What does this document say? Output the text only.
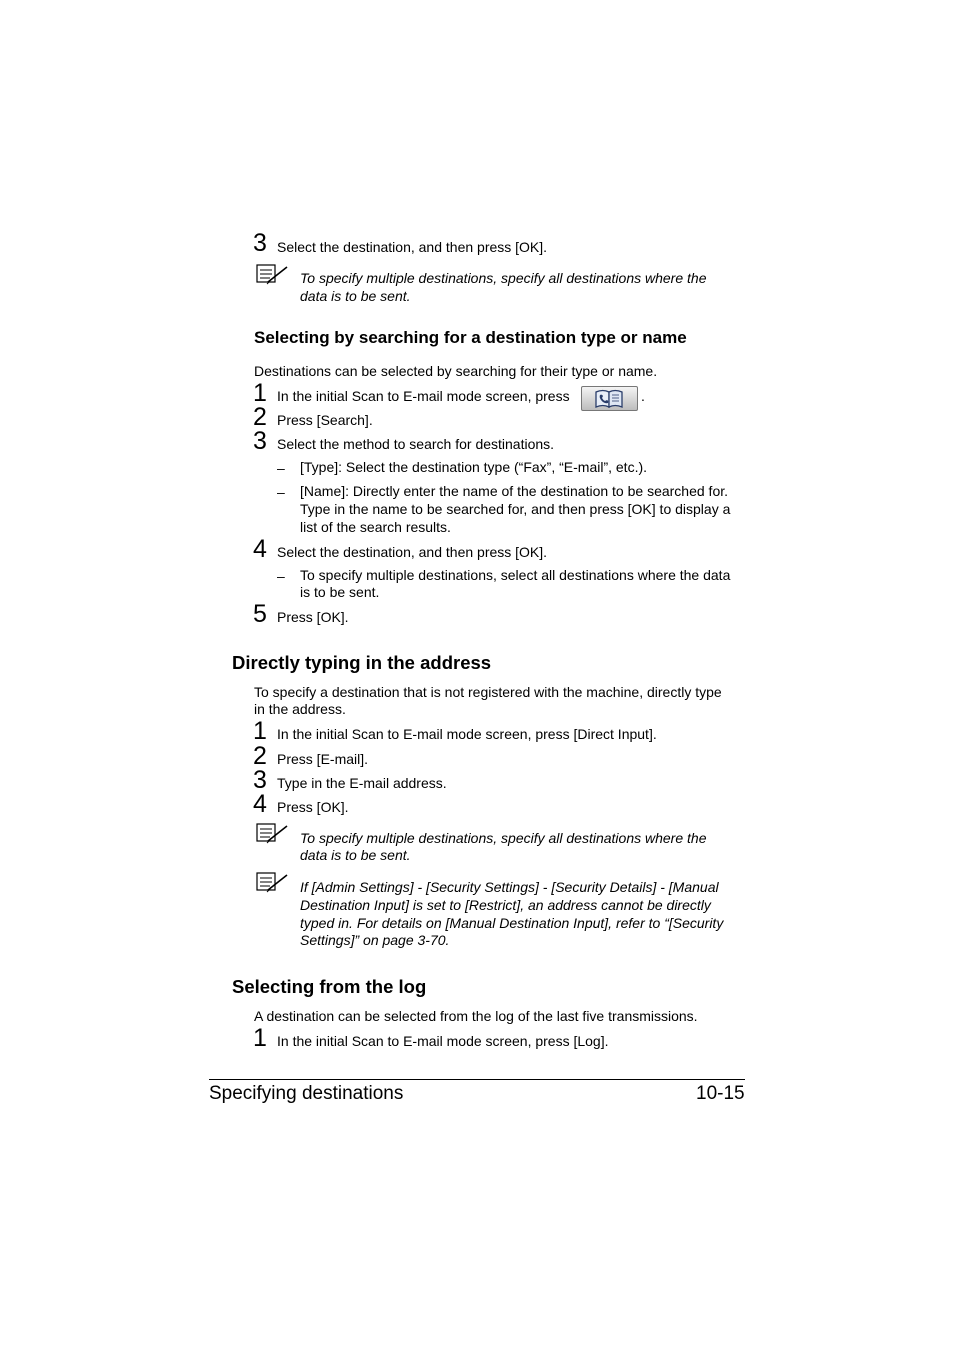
3 Select the destination, and then press [OK].
To specify multiple destinations, specify all destinations where the
data is to be sent.
Selecting by searching for a destination type or name
Destinations can be selected by searching for their type or name.
1 In the initial Scan to E-mail mode screen, press	.
2 Press [Search].
3 Select the method to search for destinations.
– [Type]: Select the destination type (“Fax”, “E-mail”, etc.).
– [Name]: Directly enter the name of the destination to be searched for.
Type in the name to be searched for, and then press [OK] to display a
list of the search results.
4 Select the destination, and then press [OK].
– To specify multiple destinations, select all destinations where the data
is to be sent.
5 Press [OK].
Directly typing in the address
To specify a destination that is not registered with the machine, directly type
in the address.
1 In the initial Scan to E-mail mode screen, press [Direct Input].
2 Press [E-mail].
3 Type in the E-mail address.
4 Press [OK].
To specify multiple destinations, specify all destinations where the
data is to be sent.
If [Admin Settings] - [Security Settings] - [Security Details] - [Manual
Destination Input] is set to [Restrict], an address cannot be directly
typed in. For details on [Manual Destination Input], refer to “[Security
Settings]” on page 3-70.
Selecting from the log
A destination can be selected from the log of the last five transmissions.
1 In the initial Scan to E-mail mode screen, press [Log].
Specifying destinations	10-15
